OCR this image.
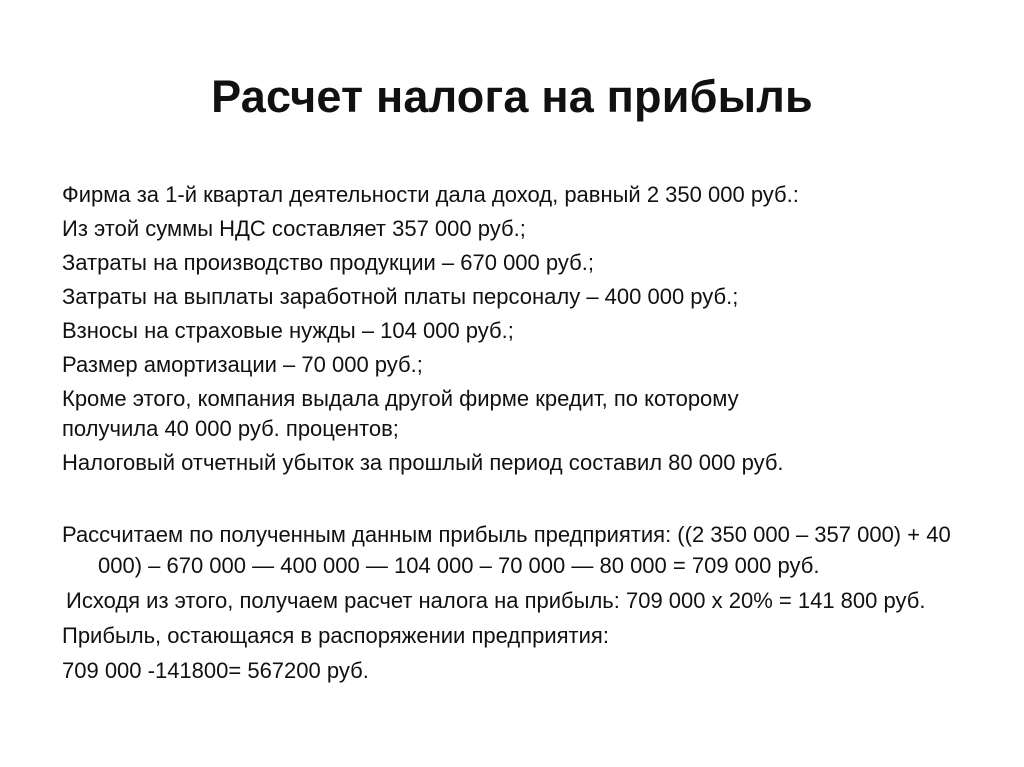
Расчет налога на прибыль
Фирма за 1-й квартал деятельности дала доход, равный 2 350 000 руб.:
Из этой суммы НДС составляет 357 000 руб.;
Затраты на производство продукции – 670 000 руб.;
Затраты на выплаты заработной платы персоналу – 400 000 руб.;
Взносы на страховые нужды – 104 000 руб.;
Размер амортизации – 70 000 руб.;
Кроме этого, компания выдала другой фирме кредит, по которому
получила 40 000 руб. процентов;
Налоговый отчетный убыток за прошлый период составил 80 000 руб.

Рассчитаем по полученным данным прибыль предприятия: ((2 350 000 – 357 000) + 40 000) – 670 000 — 400 000 — 104 000 – 70 000 — 80 000 = 709 000 руб.

Исходя из этого, получаем расчет налога на прибыль: 709 000 х 20% = 141 800 руб.

Прибыль, остающаяся в распоряжении предприятия:

709 000 -141800= 567200 руб.
